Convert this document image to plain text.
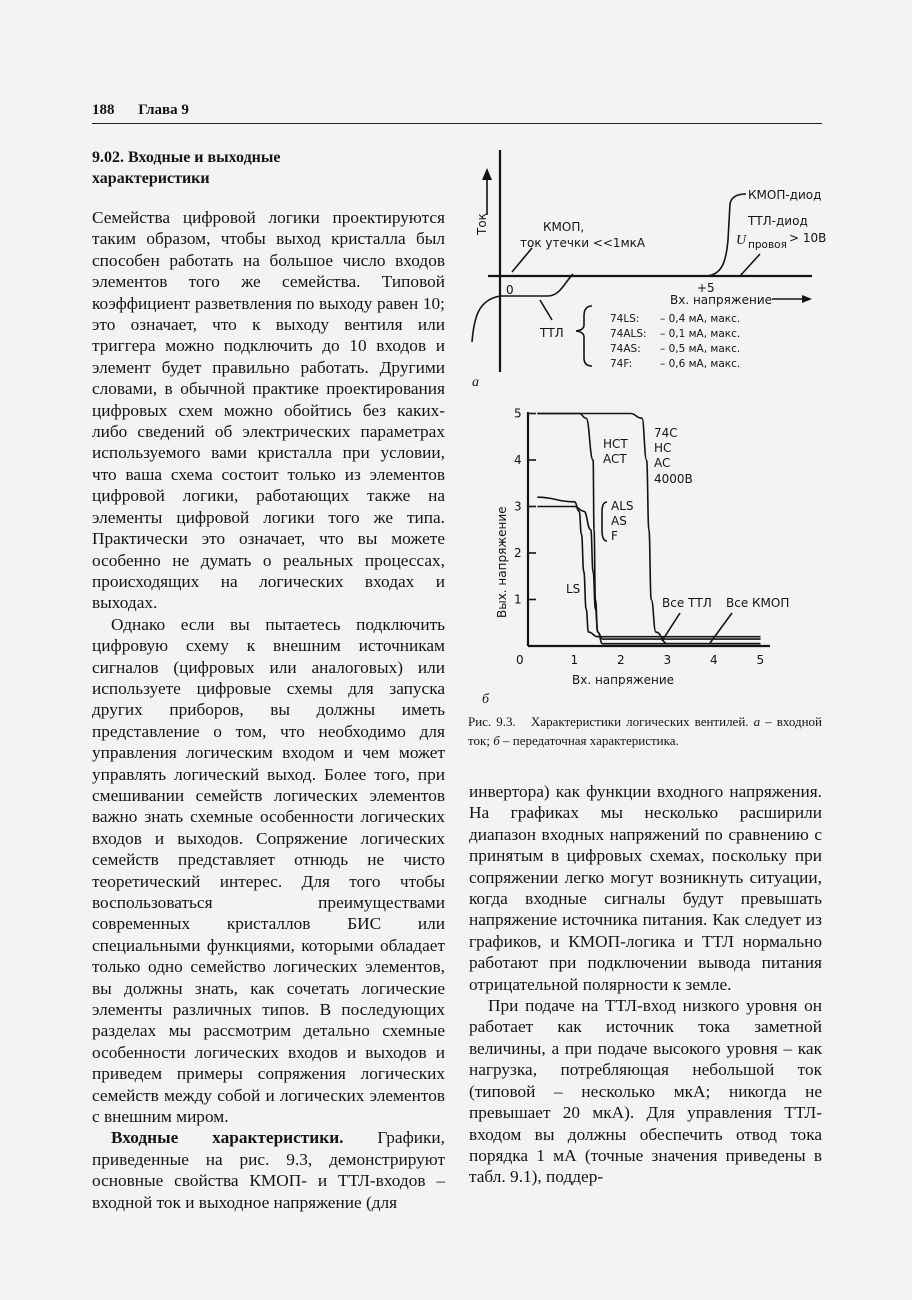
188 Глава 9
9.02. Входные и выходные характеристики

Семейства цифровой логики проектируются таким образом, чтобы выход кристалла был способен работать на большое число входов элементов того же семейства. Типовой коэффициент разветвления по выходу равен 10; это означает, что к выходу вентиля или триггера можно подключить до 10 входов и элемент будет правильно работать. Другими словами, в обычной практике проектирования цифровых схем можно обойтись без каких-либо сведений об электрических параметрах используемого вами кристалла при условии, что ваша схема состоит только из элементов цифровой логики, работающих также на элементы цифровой логики того же типа. Практически это означает, что вы можете особенно не думать о реальных процессах, происходящих на логических входах и выходах.

Однако если вы пытаетесь подключить цифровую схему к внешним источникам сигналов (цифровых или аналоговых) или используете цифровые схемы для запуска других приборов, вы должны иметь представление о том, что необходимо для управления логическим входом и чем может управлять логический выход. Более того, при смешивании семейств логических элементов важно знать схемные особенности логических входов и выходов. Сопряжение логических семейств представляет отнюдь не чисто теоретический интерес. Для того чтобы воспользоваться преимуществами современных кристаллов БИС или специальными функциями, которыми обладает только одно семейство логических элементов, вы должны знать, как сочетать логические элементы различных типов. В последующих разделах мы рассмотрим детально схемные особенности логических входов и выходов и приведем примеры сопряжения логических семейств между собой и логических элементов с внешним миром.

Входные характеристики. Графики, приведенные на рис. 9.3, демонстрируют основные свойства КМОП- и ТТЛ-входов – входной ток и выходное напряжение (для

инвертора) как функции входного напряжения. На графиках мы несколько расширили диапазон входных напряжений по сравнению с принятым в цифровых схемах, поскольку при сопряжении легко могут возникнуть ситуации, когда входные сигналы будут превышать напряжение источника питания. Как следует из графиков, и КМОП-логика и ТТЛ нормально работают при подключении вывода питания отрицательной полярности к земле.

При подаче на ТТЛ-вход низкого уровня он работает как источник тока заметной величины, а при подаче высокого уровня – как нагрузка, потребляющая небольшой ток (типовой – несколько мкА; никогда не превышает 20 мкА). Для управления ТТЛ-входом вы должны обеспечить отвод тока порядка 1 мА (точные значения приведены в табл. 9.1), поддер-

Ток
0
КМОП,
ток утечки <<1мкА
КМОП-диод
ТТЛ-диод
U провоя > 10В
+5
Вх. напряжение
ТТЛ
74LS: – 0,4 мА, макс.
74ALS: – 0,1 мА, макс.
74AS: – 0,5 мА, макс.
74F:	– 0,6 мА, макс.
а
0	1	2	3	4	5
1
2
3
4
5
Вых. напряжение
Вх. напряжение
HCT
ACT
74C
HC
AC
4000B
ALS
AS
F
LS
Все ТТЛ Все КМОП
б
Рис. 9.3. Характеристики логических вентилей. а – входной ток; б – передаточная характеристика.
